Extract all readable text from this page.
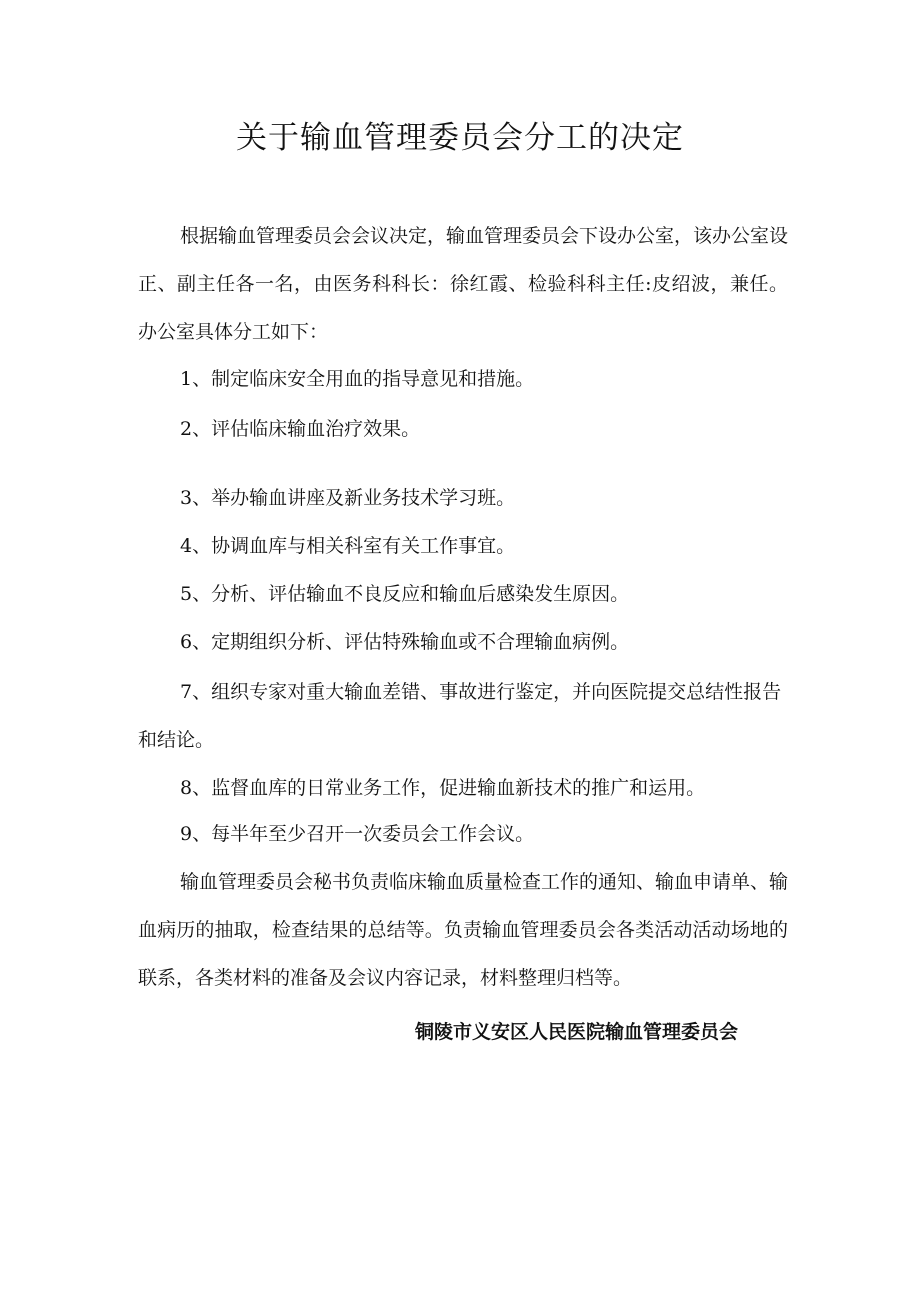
关于输血管理委员会分工的决定

根据输血管理委员会会议决定，输血管理委员会下设办公室，该办公室设正、副主任各一名，由医务科科长：徐红霞、检验科科主任:皮绍波，兼任。办公室具体分工如下：

1、制定临床安全用血的指导意见和措施。

2、评估临床输血治疗效果。

3、举办输血讲座及新业务技术学习班。

4、协调血库与相关科室有关工作事宜。

5、分析、评估输血不良反应和输血后感染发生原因。

6、定期组织分析、评估特殊输血或不合理输血病例。

7、组织专家对重大输血差错、事故进行鉴定，并向医院提交总结性报告和结论。

8、监督血库的日常业务工作，促进输血新技术的推广和运用。

9、每半年至少召开一次委员会工作会议。

输血管理委员会秘书负责临床输血质量检查工作的通知、输血申请单、输血病历的抽取，检查结果的总结等。负责输血管理委员会各类活动活动场地的联系，各类材料的准备及会议内容记录，材料整理归档等。

铜陵市义安区人民医院输血管理委员会
